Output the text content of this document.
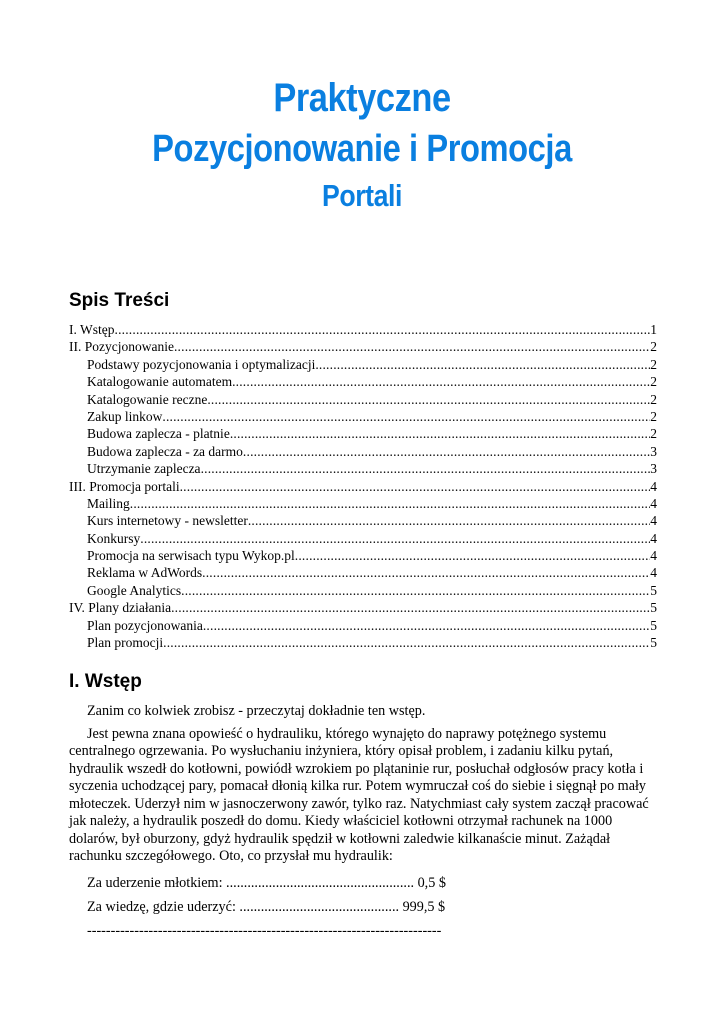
Praktyczne
Pozycjonowanie i Promocja
Portali
Spis Treści
I. Wstęp .....	1
II. Pozycjonowanie .....	2
Podstawy pozycjonowania i optymalizacji .....	2
Katalogowanie automatem .....	2
Katalogowanie reczne .....	2
Zakup linkow .....	2
Budowa zaplecza - platnie .....	2
Budowa zaplecza - za darmo .....	3
Utrzymanie zaplecza .....	3
III. Promocja portali .....	4
Mailing .....	4
Kurs internetowy - newsletter .....	4
Konkursy .....	4
Promocja na serwisach typu Wykop.pl .....	4
Reklama w AdWords .....	4
Google Analytics .....	5
IV. Plany działania .....	5
Plan pozycjonowania .....	5
Plan promocji .....	5
I. Wstęp

Zanim co kolwiek zrobisz - przeczytaj dokładnie ten wstęp.

Jest pewna znana opowieść o hydrauliku, którego wynajęto do naprawy potężnego systemu centralnego ogrzewania. Po wysłuchaniu inżyniera, który opisał problem, i zadaniu kilku pytań, hydraulik wszedł do kotłowni, powiódł wzrokiem po plątaninie rur, posłuchał odgłosów pracy kotła i syczenia uchodzącej pary, pomacał dłonią kilka rur. Potem wymruczał coś do siebie i sięgnął po mały młoteczek. Uderzył nim w jasnoczerwony zawór, tylko raz. Natychmiast cały system zaczął pracować jak należy, a hydraulik poszedł do domu. Kiedy właściciel kotłowni otrzymał rachunek na 1000 dolarów, był oburzony, gdyż hydraulik spędził w kotłowni zaledwie kilkanaście minut. Zażądał rachunku szczegółowego. Oto, co przysłał mu hydraulik:

Za uderzenie młotkiem: ..................................................... 0,5 $
Za wiedzę, gdzie uderzyć: ............................................. 999,5 $
---------------------------------------------------------------------------
